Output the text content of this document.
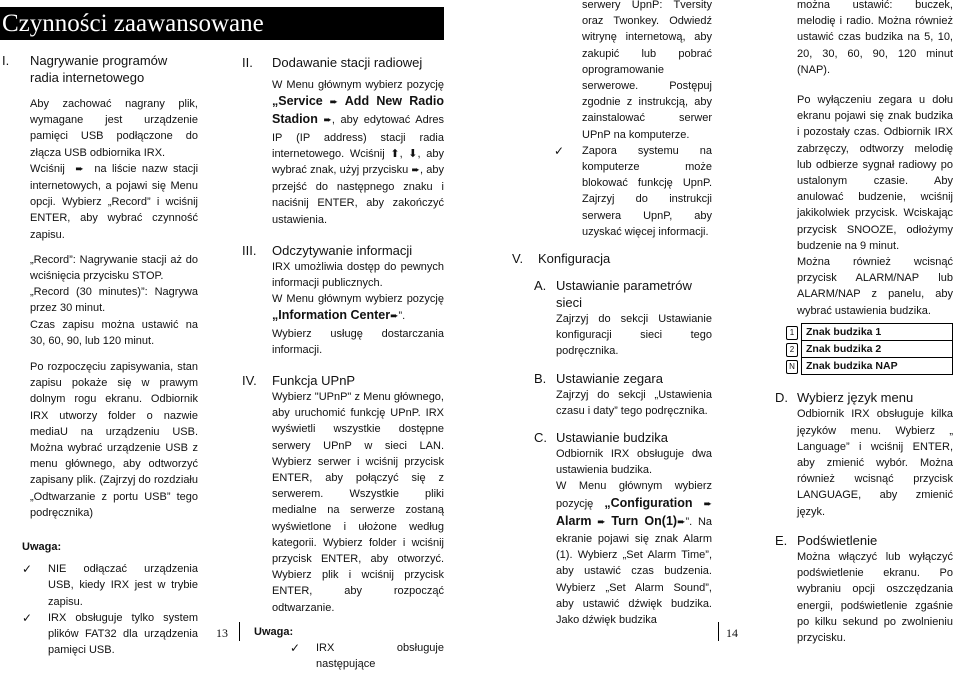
Czynności zaawansowane
I.	Nagrywanie programów radia internetowego
Aby zachować nagrany plik, wymagane jest urządzenie pamięci USB podłączone do złącza USB odbiornika IRX.
Wciśnij  ➨  na liście nazw stacji internetowych, a pojawi się Menu opcji. Wybierz „Record” i wciśnij ENTER, aby wybrać czynność zapisu.
„Record”: Nagrywanie stacji aż do wciśnięcia przycisku STOP.
„Record (30 minutes)”: Nagrywa przez 30 minut.
Czas zapisu można ustawić na 30, 60, 90, lub 120 minut.
Po rozpoczęciu zapisywania, stan zapisu pokaże się w prawym dolnym rogu ekranu. Odbiornik IRX utworzy folder o nazwie mediaU na urządzeniu USB. Można wybrać urządzenie USB z menu głównego, aby odtworzyć zapisany plik. (Zajrzyj do rozdziału „Odtwarzanie z portu USB” tego podręcznika)
Uwaga:
✓	NIE odłączać urządzenia USB, kiedy IRX jest w trybie zapisu.
✓	IRX obsługuje tylko system plików FAT32 dla urządzenia pamięci USB.
II.	Dodawanie stacji radiowej
W Menu głównym wybierz pozycję „Service ➨ Add New Radio Stadion ➨, aby edytować Adres IP (IP address) stacji radia internetowego. Wciśnij ⬆, ⬇, aby wybrać znak, użyj przycisku ➨, aby przejść do następnego znaku i naciśnij ENTER, aby zakończyć ustawienia.
III.	Odczytywanie informacji
IRX umożliwia dostęp do pewnych informacji publicznych.
W Menu głównym wybierz pozycję „Information Center➨”.
Wybierz usługę dostarczania informacji.
IV.	Funkcja UPnP
Wybierz "UPnP" z Menu głównego, aby uruchomić funkcję UPnP. IRX wyświetli wszystkie dostępne serwery UPnP w sieci LAN. Wybierz serwer i wciśnij przycisk ENTER, aby połączyć się z serwerem. Wszystkie pliki medialne na serwerze zostaną wyświetlone i ułożone według kategorii. Wybierz folder i wciśnij przycisk ENTER, aby otworzyć. Wybierz plik i wciśnij przycisk ENTER, aby rozpocząć odtwarzanie.
Uwaga:
✓	IRX obsługuje następujące
serwery UpnP: Tversity oraz Twonkey. Odwiedź witrynę internetową, aby zakupić lub pobrać oprogramowanie serwerowe. Postępuj zgodnie z instrukcją, aby zainstalować serwer UPnP na komputerze.
✓	Zapora systemu na komputerze może blokować funkcję UpnP. Zajrzyj do instrukcji serwera UpnP, aby uzyskać więcej informacji.
V.	Konfiguracja
A. Ustawianie parametrów sieci
Zajrzyj do sekcji Ustawianie konfiguracji sieci tego podręcznika.
B. Ustawianie zegara
Zajrzyj do sekcji „Ustawienia czasu i daty” tego podręcznika.
C. Ustawianie budzika
Odbiornik IRX obsługuje dwa ustawienia budzika.
W Menu głównym wybierz pozycję „Configuration ➨ Alarm ➨ Turn On(1)➨”. Na ekranie pojawi się znak Alarm (1). Wybierz „Set Alarm Time”, aby ustawić czas budzenia. Wybierz „Set Alarm Sound”, aby ustawić dźwięk budzika. Jako dźwięk budzika
można ustawić: buczek, melodię i radio. Można również ustawić czas budzika na 5, 10, 20, 30, 60, 90, 120 minut (NAP).
Po wyłączeniu zegara u dołu ekranu pojawi się znak budzika i pozostały czas. Odbiornik IRX zabrzęczy, odtworzy melodię lub odbierze sygnał radiowy po ustalonym czasie. Aby anulować budzenie, wciśnij jakikolwiek przycisk. Wciskając przycisk SNOOZE, odłożymy budzenie na 9 minut.
Można również wcisnąć przycisk ALARM/NAP lub ALARM/NAP z panelu, aby wybrać ustawienia budzika.
1	Znak budzika 1
2	Znak budzika 2
N	Znak budzika NAP
D. Wybierz język menu
Odbiornik IRX obsługuje kilka języków menu. Wybierz „ Language” i wciśnij ENTER, aby zmienić wybór. Można również wcisnąć przycisk LANGUAGE, aby zmienić język.
E. Podświetlenie
Można włączyć lub wyłączyć podświetlenie ekranu. Po wybraniu opcji oszczędzania energii, podświetlenie zgaśnie po kilku sekund po zwolnieniu przycisku.
13	14
